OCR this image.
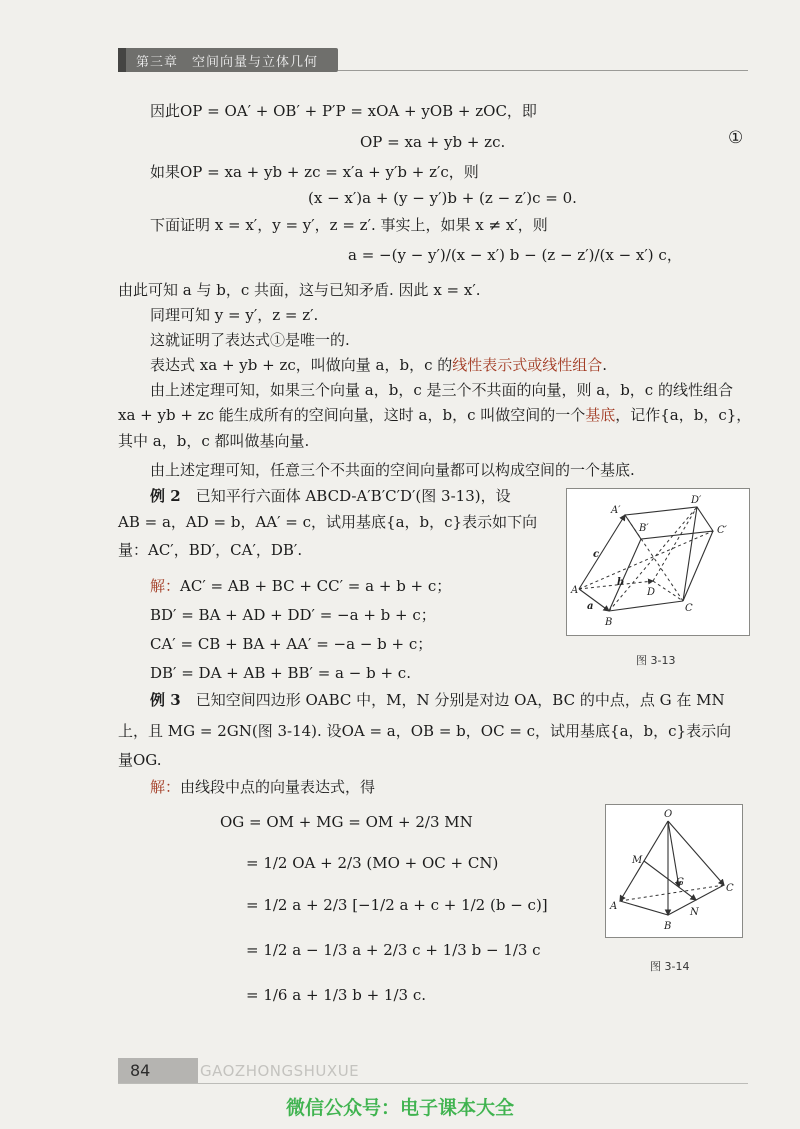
第三章　空间向量与立体几何
因此OP = OA′ + OB′ + P′P = xOA + yOB + zOC，即
OP = xa + yb + zc.	①
如果OP = xa + yb + zc = x′a + y′b + z′c，则
(x − x′)a + (y − y′)b + (z − z′)c = 0.
下面证明 x = x′，y = y′，z = z′. 事实上，如果 x ≠ x′，则
a = −(y − y′)/(x − x′) b − (z − z′)/(x − x′) c，
由此可知 a 与 b，c 共面，这与已知矛盾. 因此 x = x′.
同理可知 y = y′，z = z′.
这就证明了表达式①是唯一的.
表达式 xa + yb + zc，叫做向量 a，b，c 的线性表示式或线性组合.
由上述定理可知，如果三个向量 a，b，c 是三个不共面的向量，则 a，b，c 的线性组合
xa + yb + zc 能生成所有的空间向量，这时 a，b，c 叫做空间的一个基底，记作{a，b，c}，
其中 a，b，c 都叫做基向量.
由上述定理可知，任意三个不共面的空间向量都可以构成空间的一个基底.
例 2　 已知平行六面体 ABCD-A′B′C′D′(图 3-13)，设
AB = a，AD = b，AA′ = c，试用基底{a，b，c}表示如下向
量：AC′，BD′，CA′，DB′.
解：AC′ = AB + BC + CC′ = a + b + c；
BD′ = BA + AD + DD′ = −a + b + c；
CA′ = CB + BA + AA′ = −a − b + c；
DB′ = DA + AB + BB′ = a − b + c.
A′
D′
B′	C′
c
A
a
b
D
B
C
图 3-13
例 3　 已知空间四边形 OABC 中，M，N 分别是对边 OA，BC 的中点，点 G 在 MN
上，且 MG = 2GN(图 3-14). 设OA = a，OB = b，OC = c，试用基底{a，b，c}表示向
量OG.
解：由线段中点的向量表达式，得
OG = OM + MG = OM + 2/3 MN
= 1/2 OA + 2/3 (MO + OC + CN)
= 1/2 a + 2/3 [−1/2 a + c + 1/2 (b − c)]
= 1/2 a − 1/3 a + 2/3 c + 1/3 b − 1/3 c
= 1/6 a + 1/3 b + 1/3 c.
O
M
G
C
A
N
B
图 3-14
84	GAOZHONGSHUXUE
微信公众号：电子课本大全
